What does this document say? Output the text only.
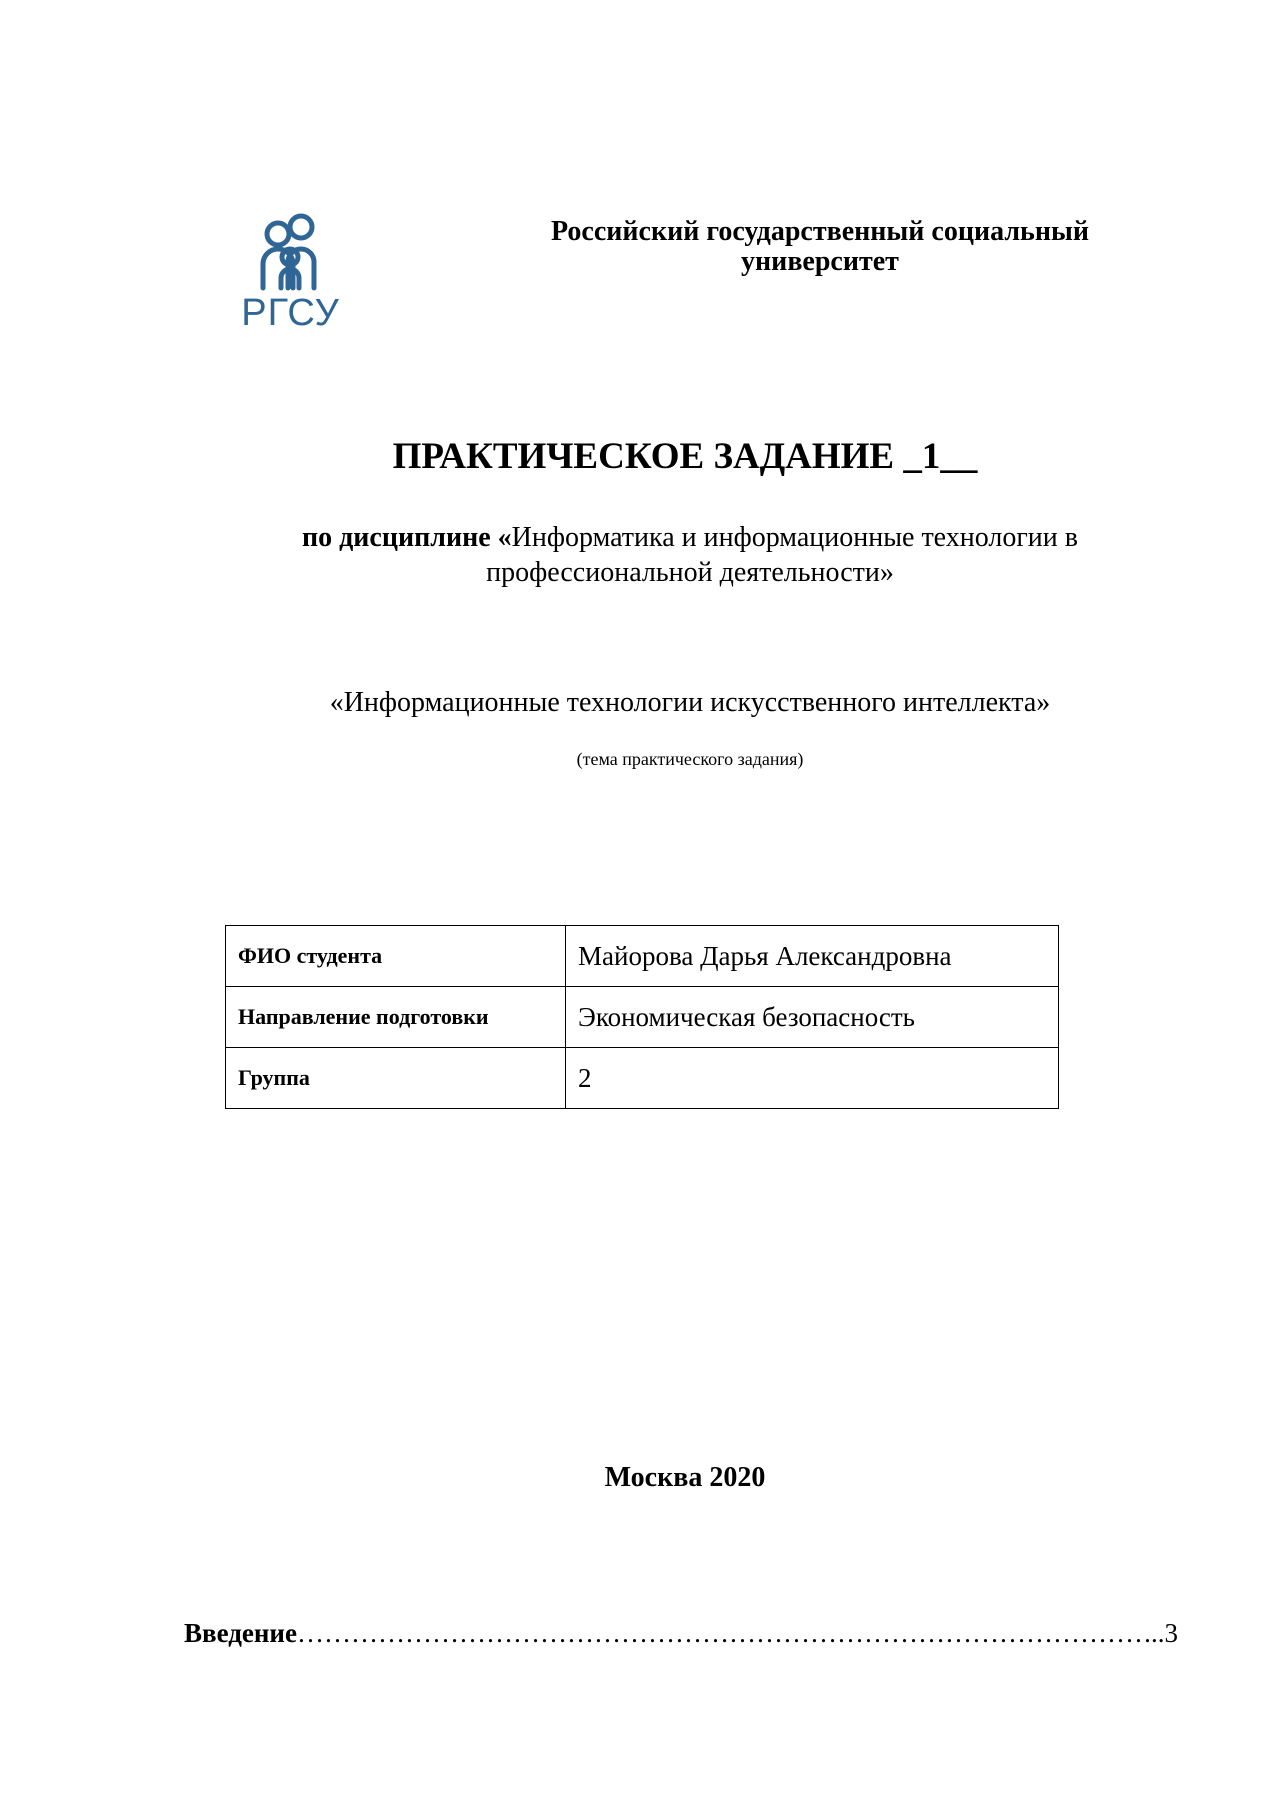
РГСУ
Российский государственный социальный университет
ПРАКТИЧЕСКОЕ ЗАДАНИЕ _1__
по дисциплине «Информатика и информационные технологии в профессиональной деятельности»
«Информационные технологии искусственного интеллекта»
(тема практического задания)
ФИО студента	Майорова Дарья Александровна
Направление подготовки	Экономическая безопасность
Группа	2
Москва 2020
Введение ……………………………………………………………………………………………………………………………………	..3
